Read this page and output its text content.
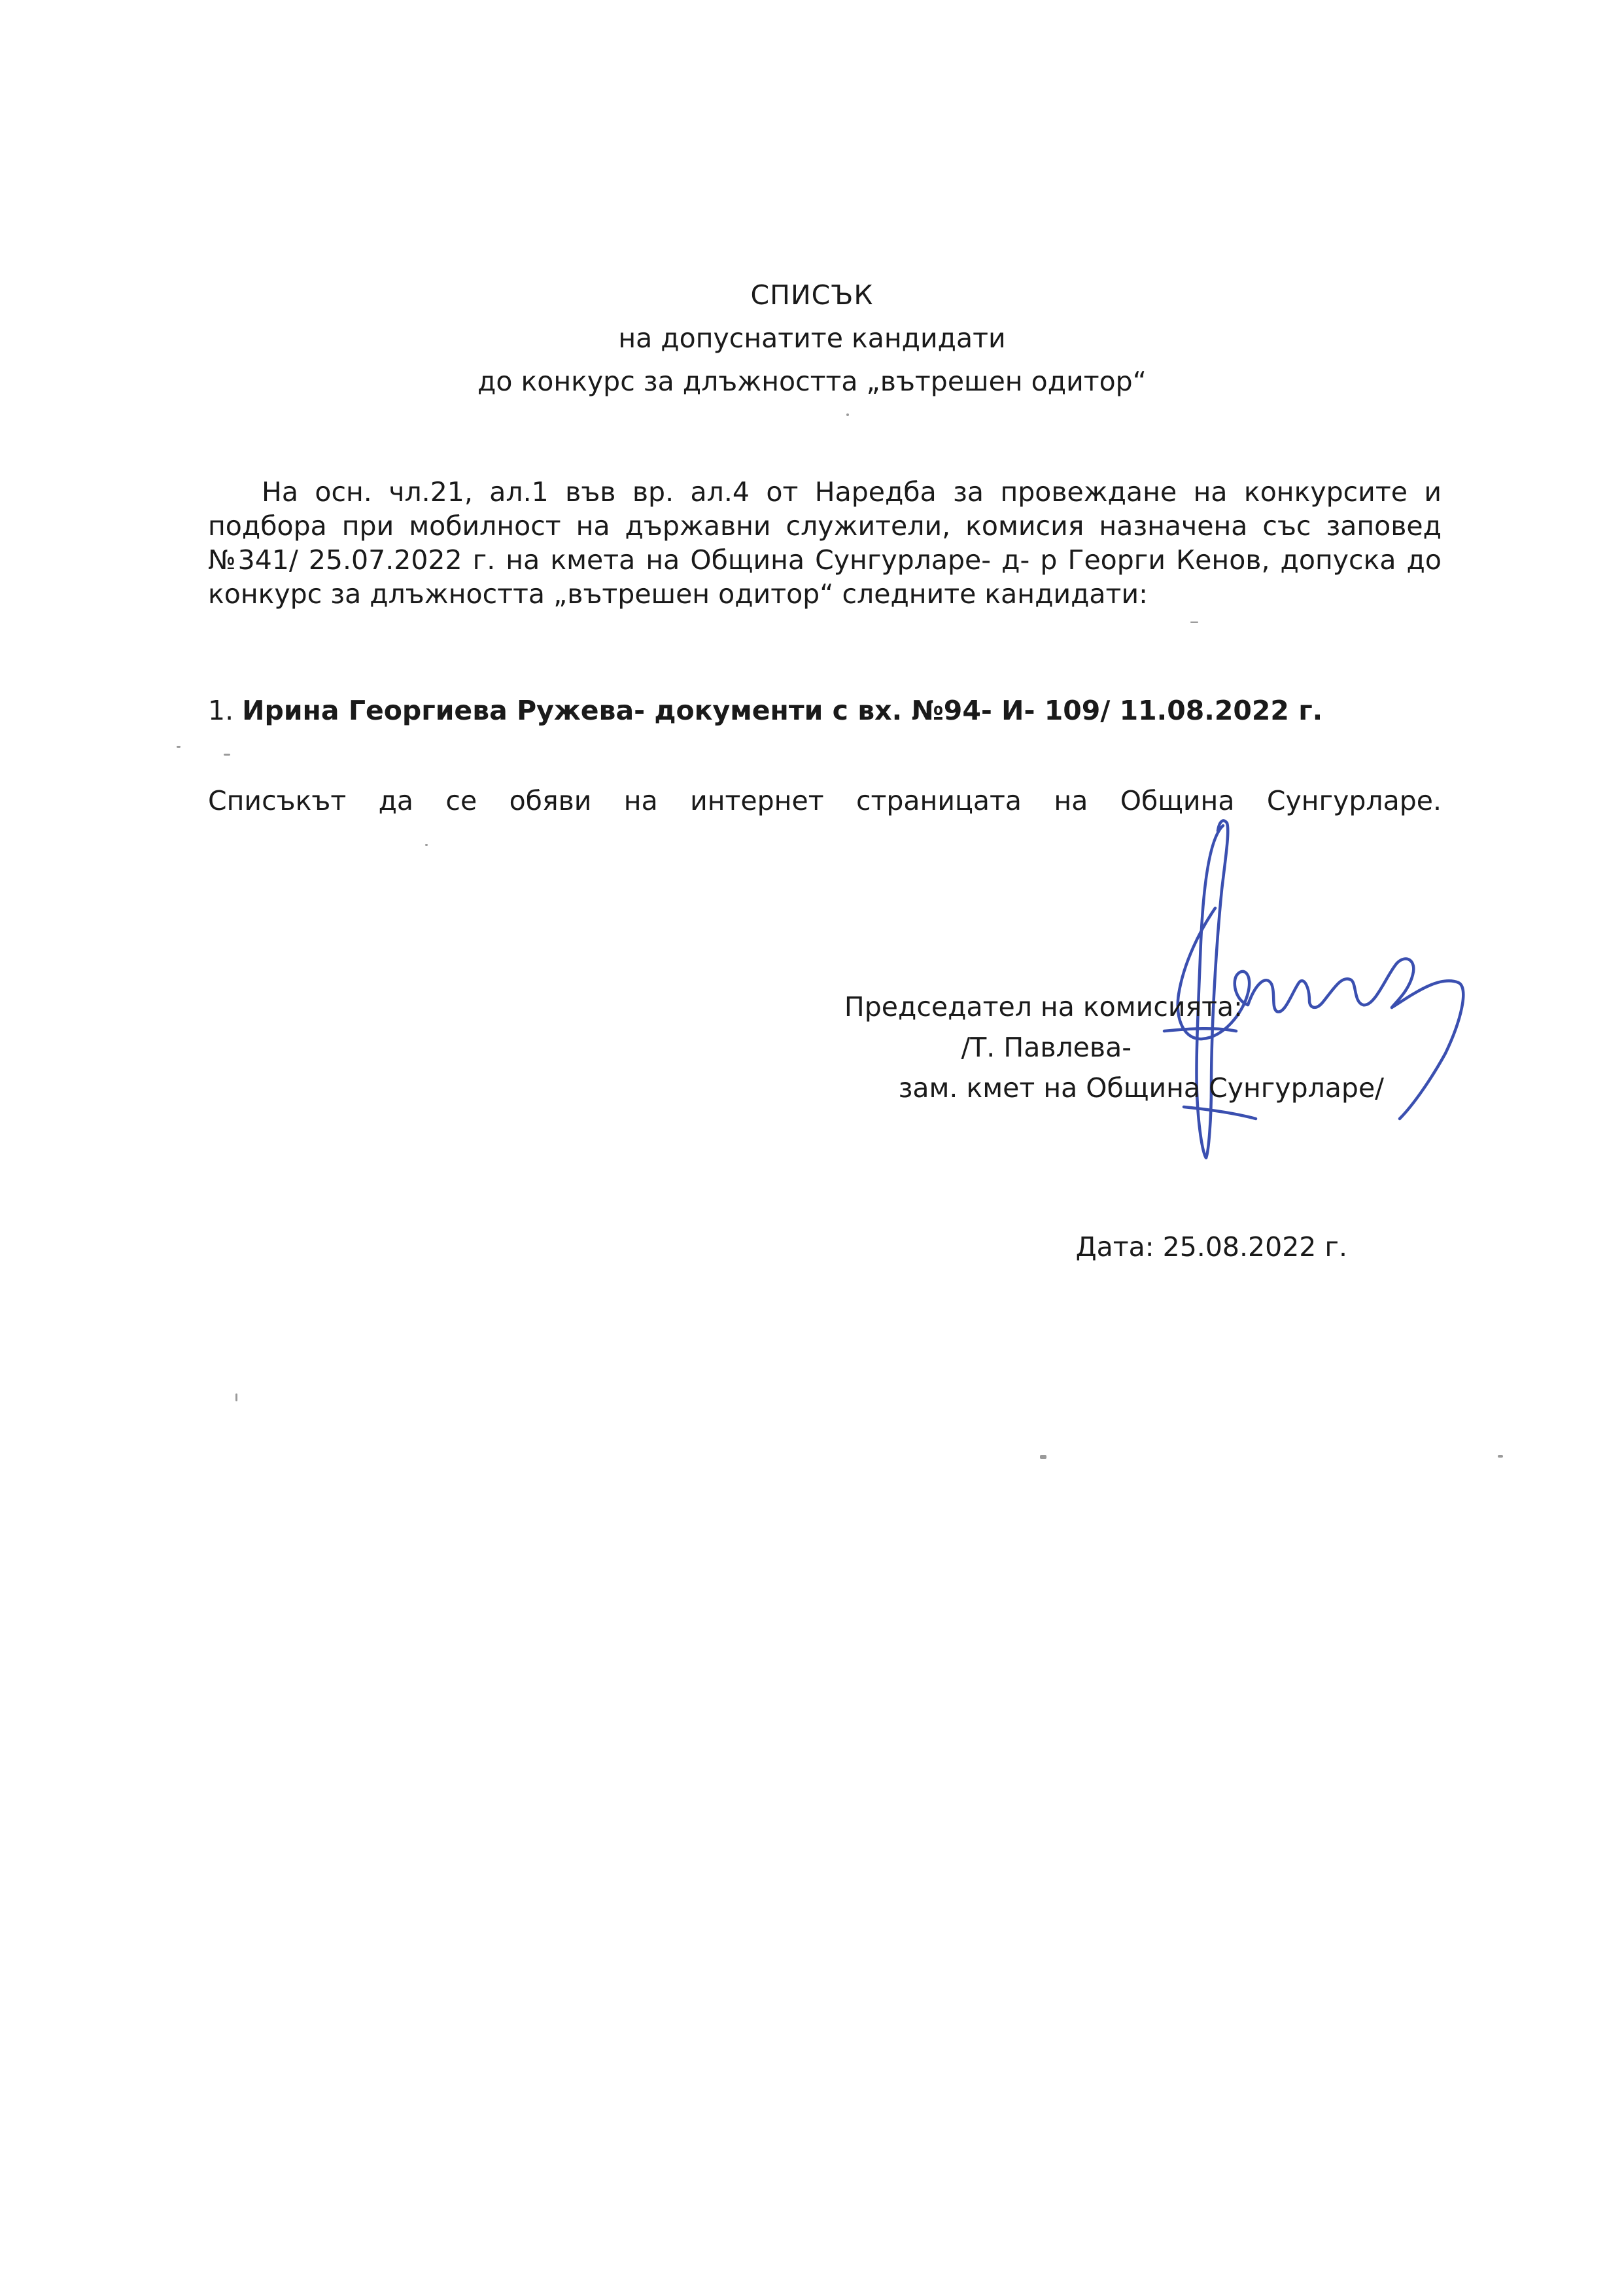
СПИСЪК
на допуснатите кандидати
до конкурс за длъжността „вътрешен одитор“
На осн. чл.21, ал.1 във вр. ал.4 от Наредба за провеждане на конкурсите и подбора при мобилност на държавни служители, комисия назначена със заповед №341/ 25.07.2022 г. на кмета на Община Сунгурларе- д- р Георги Кенов, допуска до конкурс за длъжността „вътрешен одитор“ следните кандидати:
1. Ирина Георгиева Ружева- документи с вх. №94- И- 109/ 11.08.2022 г.
Списъкът да се обяви на интернет страницата на Община Сунгурларе.
Председател на комисията:
/Т. Павлева-
зам. кмет на Община Сунгурларе/
Дата: 25.08.2022 г.
